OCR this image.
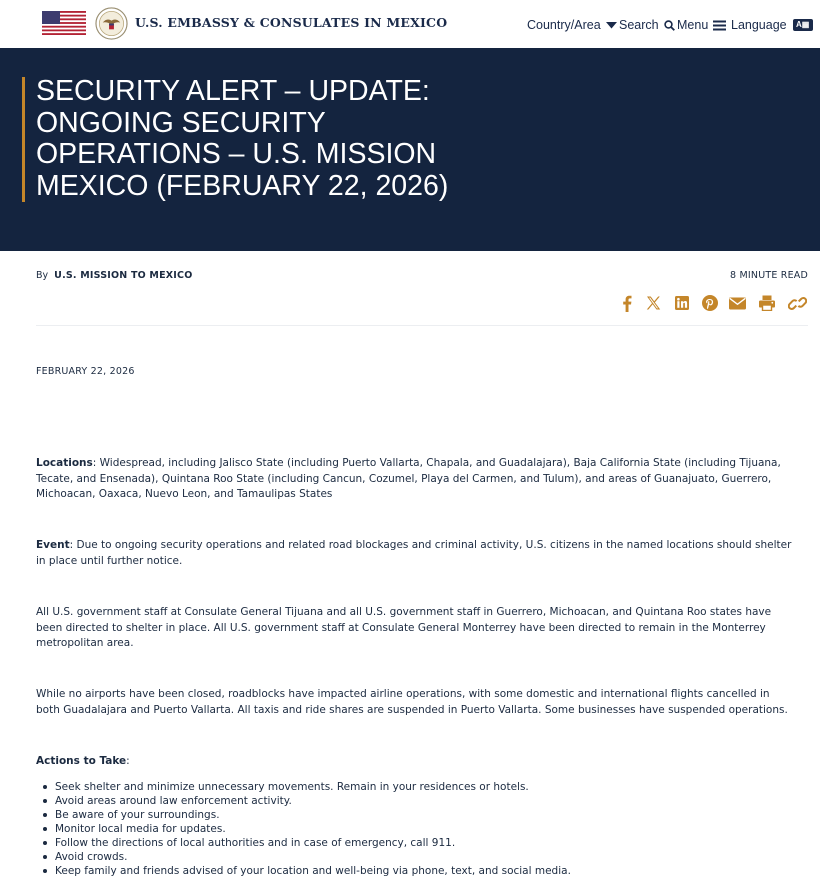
U.S. EMBASSY & CONSULATES IN MEXICO	Country/Area Search Menu Language	A▦
SECURITY ALERT – UPDATE: ONGOING SECURITY OPERATIONS – U.S. MISSION MEXICO (FEBRUARY 22, 2026)
By U.S. MISSION TO MEXICO	8 MINUTE READ
FEBRUARY 22, 2026

Locations: Widespread, including Jalisco State (including Puerto Vallarta, Chapala, and Guadalajara), Baja California State (including Tijuana, Tecate, and Ensenada), Quintana Roo State (including Cancun, Cozumel, Playa del Carmen, and Tulum), and areas of Guanajuato, Guerrero, Michoacan, Oaxaca, Nuevo Leon, and Tamaulipas States

Event: Due to ongoing security operations and related road blockages and criminal activity, U.S. citizens in the named locations should shelter in place until further notice.

All U.S. government staff at Consulate General Tijuana and all U.S. government staff in Guerrero, Michoacan, and Quintana Roo states have been directed to shelter in place. All U.S. government staff at Consulate General Monterrey have been directed to remain in the Monterrey metropolitan area.

While no airports have been closed, roadblocks have impacted airline operations, with some domestic and international flights cancelled in both Guadalajara and Puerto Vallarta. All taxis and ride shares are suspended in Puerto Vallarta. Some businesses have suspended operations.

Actions to Take:

Seek shelter and minimize unnecessary movements. Remain in your residences or hotels.
Avoid areas around law enforcement activity.
Be aware of your surroundings.
Monitor local media for updates.
Follow the directions of local authorities and in case of emergency, call 911.
Avoid crowds.
Keep family and friends advised of your location and well-being via phone, text, and social media.
